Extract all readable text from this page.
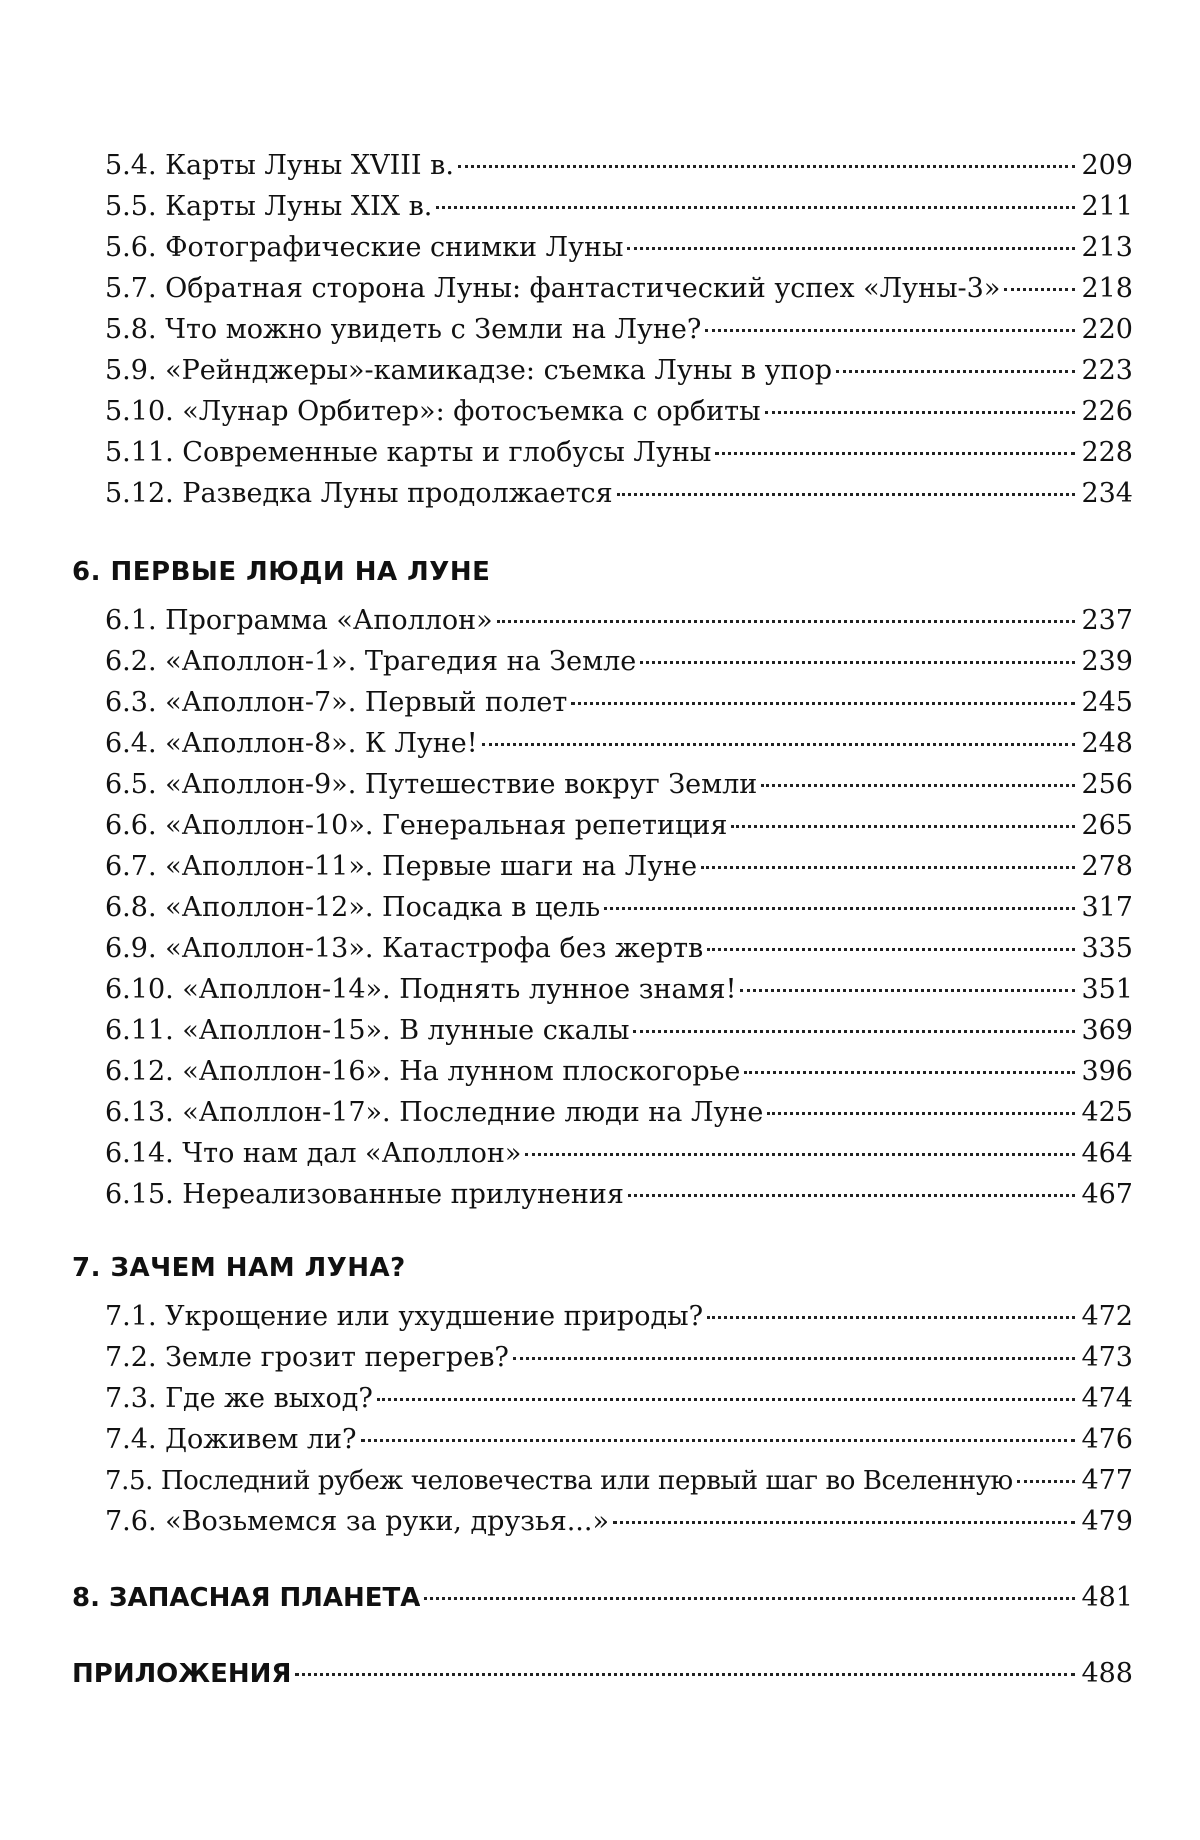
5.4. Карты Луны XVIII в.	209
5.5. Карты Луны XIX в.	211
5.6. Фотографические снимки Луны	213
5.7. Обратная сторона Луны: фантастический успех «Луны-3»	218
5.8. Что можно увидеть с Земли на Луне?	220
5.9. «Рейнджеры»-камикадзе: съемка Луны в упор	223
5.10. «Лунар Орбитер»: фотосъемка с орбиты	226
5.11. Современные карты и глобусы Луны	228
5.12. Разведка Луны продолжается	234
6. ПЕРВЫЕ ЛЮДИ НА ЛУНЕ
6.1. Программа «Аполлон»	237
6.2. «Аполлон-1». Трагедия на Земле	239
6.3. «Аполлон-7». Первый полет	245
6.4. «Аполлон-8». К Луне!	248
6.5. «Аполлон-9». Путешествие вокруг Земли	256
6.6. «Аполлон-10». Генеральная репетиция	265
6.7. «Аполлон-11». Первые шаги на Луне	278
6.8. «Аполлон-12». Посадка в цель	317
6.9. «Аполлон-13». Катастрофа без жертв	335
6.10. «Аполлон-14». Поднять лунное знамя!	351
6.11. «Аполлон-15». В лунные скалы	369
6.12. «Аполлон-16». На лунном плоскогорье	396
6.13. «Аполлон-17». Последние люди на Луне	425
6.14. Что нам дал «Аполлон»	464
6.15. Нереализованные прилунения	467
7. ЗАЧЕМ НАМ ЛУНА?
7.1. Укрощение или ухудшение природы?	472
7.2. Земле грозит перегрев?	473
7.3. Где же выход?	474
7.4. Доживем ли?	476
7.5. Последний рубеж человечества или первый шаг во Вселенную	477
7.6. «Возьмемся за руки, друзья...»	479
8. ЗАПАСНАЯ ПЛАНЕТА	481
ПРИЛОЖЕНИЯ	488
